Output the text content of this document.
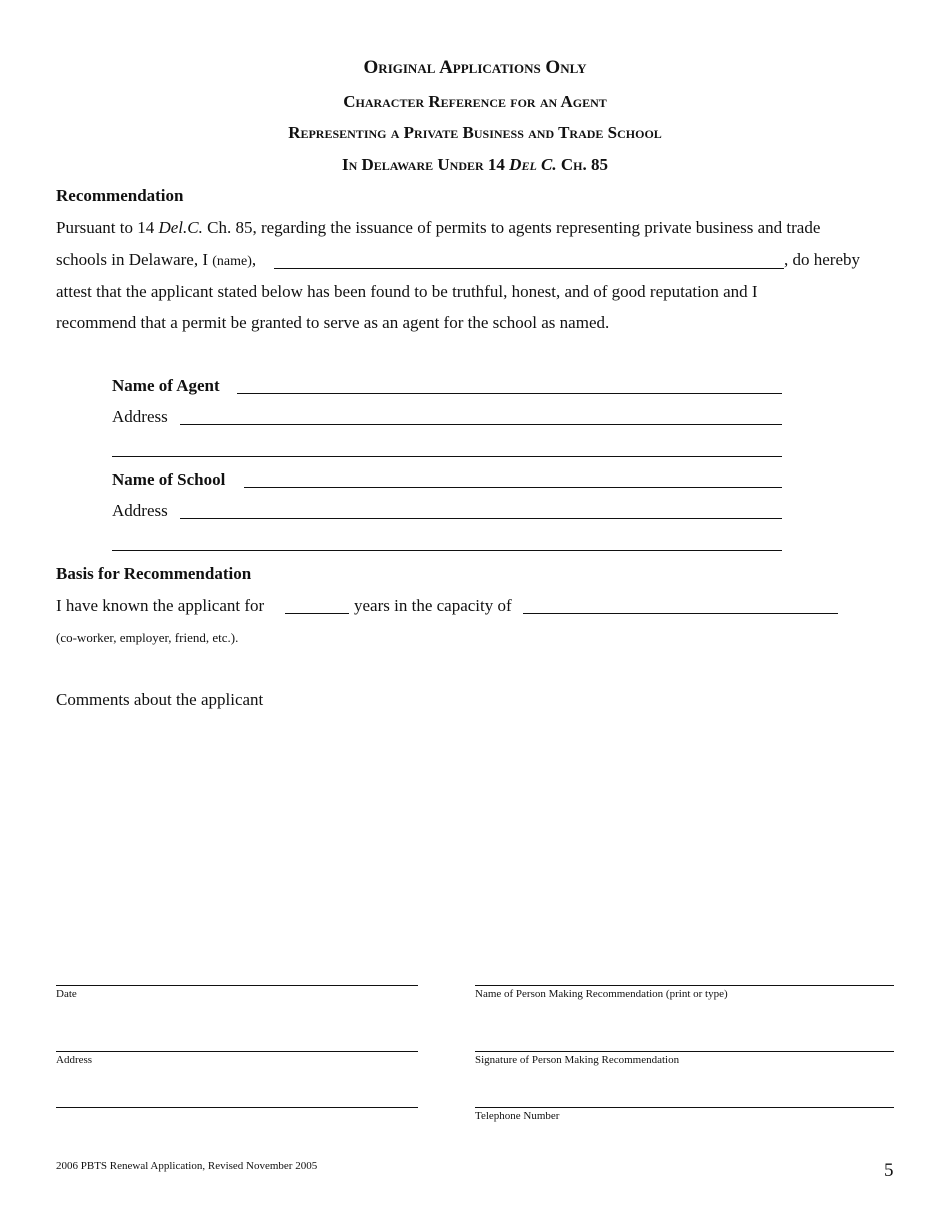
Original Applications Only
Character Reference for an Agent
Representing a Private Business and Trade School
In Delaware Under 14 Del C. Ch. 85
Recommendation
Pursuant to 14 Del.C. Ch. 85, regarding the issuance of permits to agents representing private business and trade
schools in Delaware, I (name),	, do hereby
attest that the applicant stated below has been found to be truthful, honest, and of good reputation and I
recommend that a permit be granted to serve as an agent for the school as named.
Name of Agent
Address
Name of School
Address
Basis for Recommendation
I have known the applicant for	years in the capacity of
(co-worker, employer, friend, etc.).
Comments about the applicant
Date
Address
Name of Person Making Recommendation (print or type)
Signature of Person Making Recommendation
Telephone Number
2006 PBTS Renewal Application, Revised November 2005	5
